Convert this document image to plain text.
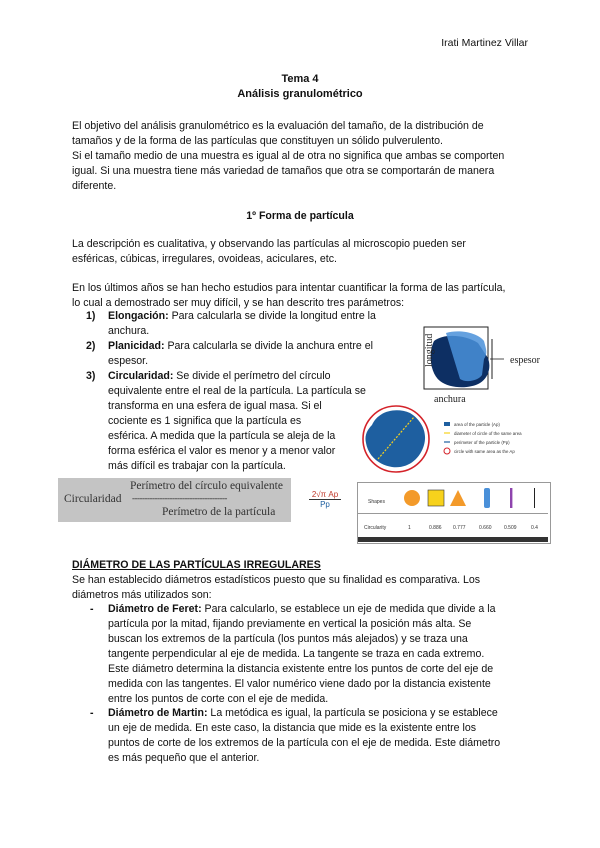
Irati Martinez Villar
Tema 4
Análisis granulométrico
El objetivo del análisis granulométrico es la evaluación del tamaño, de la distribución de
tamaños y de la forma de las partículas que constituyen un sólido pulverulento.
Si el tamaño medio de una muestra es igual al de otra no significa que ambas se comporten
igual. Si una muestra tiene más variedad de tamaños que otra se comportarán de manera
diferente.
1º Forma de partícula
La descripción es cualitativa, y observando las partículas al microscopio pueden ser
esféricas, cúbicas, irregulares, ovoideas, aciculares, etc.
En los últimos años se han hecho estudios para intentar cuantificar la forma de las partícula,
lo cual a demostrado ser muy difícil, y se han descrito tres parámetros:
1) Elongación: Para calcularla se divide la longitud entre la
anchura.
2) Planicidad: Para calcularla se divide la anchura entre el
espesor.
3) Circularidad: Se divide el perímetro del círculo
equivalente entre el real de la partícula. La partícula se
transforma en una esfera de igual masa. Si el
cociente es 1 significa que la partícula es
esférica. A medida que la partícula se aleja de la
forma esférica el valor es menor y a menor valor
más difícil es trabajar con la partícula.
longitud	espesor
anchura
area of the particle (Ap)
diameter of circle of the same area
perimeter of the particle (Pp)
circle with same area as the Ap
Perímetro del círculo equivalente
Circularidad --------------------------------------
Perímetro de la partícula
$\frac{\text{2√π Ap}}{Pp}$	Shapes
Circularity	1	0.886 0.777	0.660 0.509	0.4
DIÁMETRO DE LAS PARTÍCULAS IRREGULARES
Se han establecido diámetros estadísticos puesto que su finalidad es comparativa. Los
diámetros más utilizados son:
- Diámetro de Feret: Para calcularlo, se establece un eje de medida que divide a la
partícula por la mitad, fijando previamente en vertical la posición más alta. Se
buscan los extremos de la partícula (los puntos más alejados) y se traza una
tangente perpendicular al eje de medida. La tangente se traza en cada extremo.
Este diámetro determina la distancia existente entre los puntos de corte del eje de
medida con las tangentes. El valor numérico viene dado por la distancia existente
entre los puntos de corte con el eje de medida.
- Diámetro de Martin: La metódica es igual, la partícula se posiciona y se establece
un eje de medida. En este caso, la distancia que mide es la existente entre los
puntos de corte de los extremos de la partícula con el eje de medida. Este diámetro
es más pequeño que el anterior.
